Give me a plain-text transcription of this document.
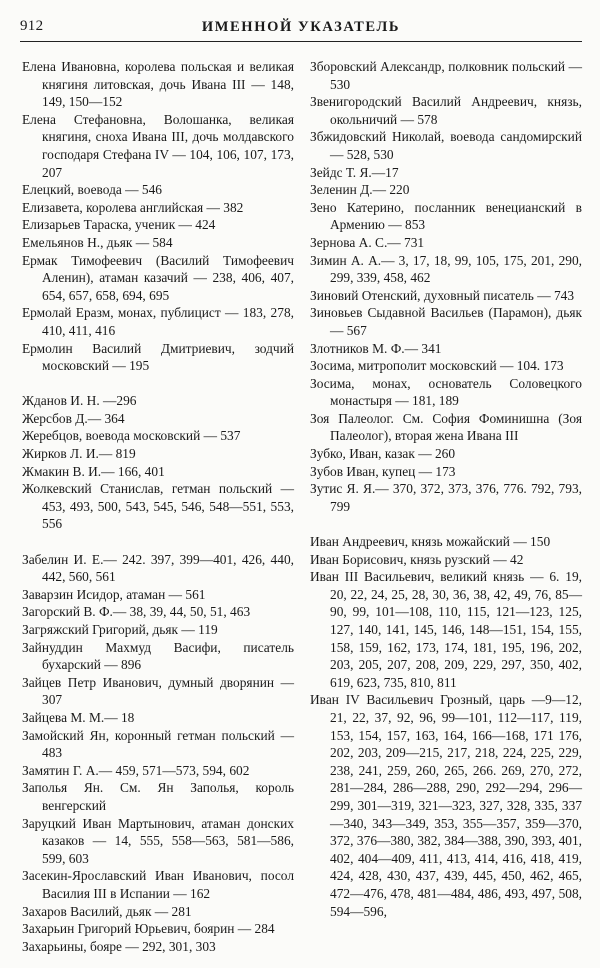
912	ИМЕННОЙ УКАЗАТЕЛЬ

Елена Ивановна, королева польская и великая княгиня литовская, дочь Ивана III — 148, 149, 150—152

Елена Стефановна, Волошанка, великая княгиня, сноха Ивана III, дочь молдавского господаря Стефана IV — 104, 106, 107, 173, 207

Елецкий, воевода — 546

Елизавета, королева английская — 382

Елизарьев Тараска, ученик — 424

Емельянов Н., дьяк — 584

Ермак Тимофеевич (Василий Тимофеевич Аленин), атаман казачий — 238, 406, 407, 654, 657, 658, 694, 695

Ермолай Еразм, монах, публицист — 183, 278, 410, 411, 416

Ермолин Василий Дмитриевич, зодчий московский — 195

Жданов И. Н. —296

Жерсбов Д.— 364

Жеребцов, воевода московский — 537

Жирков Л. И.— 819

Жмакин В. И.— 166, 401

Жолкевский Станислав, гетман польский — 453, 493, 500, 543, 545, 546, 548—551, 553, 556

Забелин И. Е.— 242. 397, 399—401, 426, 440, 442, 560, 561

Заварзин Исидор, атаман — 561

Загорский В. Ф.— 38, 39, 44, 50, 51, 463

Загряжский Григорий, дьяк — 119

Зайнуддин Махмуд Васифи, писатель бухарский — 896

Зайцев Петр Иванович, думный дворянин — 307

Зайцева М. М.— 18

Замойский Ян, коронный гетман польский — 483

Замятин Г. А.— 459, 571—573, 594, 602

Заполья Ян. См. Ян Заполья, король венгерский

Заруцкий Иван Мартынович, атаман донских казаков — 14, 555, 558—563, 581—586, 599, 603

Засекин-Ярославский Иван Иванович, посол Василия III в Испании — 162

Захаров Василий, дьяк — 281

Захарьин Григорий Юрьевич, боярин — 284

Захарьины, бояре — 292, 301, 303

Зборовский Александр, полковник польский — 530

Звенигородский Василий Андреевич, князь, окольничий — 578

Збжидовский Николай, воевода сандомирский — 528, 530

Зейдс Т. Я.—17

Зеленин Д.— 220

Зено Катерино, посланник венецианский в Армению — 853

Зернова А. С.— 731

Зимин А. А.— 3, 17, 18, 99, 105, 175, 201, 290, 299, 339, 458, 462

Зиновий Отенский, духовный писатель — 743

Зиновьев Сыдавной Васильев (Парамон), дьяк — 567

Злотников М. Ф.— 341

Зосима, митрополит московский — 104. 173

Зосима, монах, основатель Соловецкого монастыря — 181, 189

Зоя Палеолог. См. София Фоминишна (Зоя Палеолог), вторая жена Ивана III

Зубко, Иван, казак — 260

Зубов Иван, купец — 173

Зутис Я. Я.— 370, 372, 373, 376, 776. 792, 793, 799

Иван Андреевич, князь можайский — 150

Иван Борисович, князь рузский — 42

Иван III Васильевич, великий князь — 6. 19, 20, 22, 24, 25, 28, 30, 36, 38, 42, 49, 76, 85—90, 99, 101—108, 110, 115, 121—123, 125, 127, 140, 141, 145, 146, 148—151, 154, 155, 158, 159, 162, 173, 174, 181, 195, 196, 202, 203, 205, 207, 208, 209, 229, 297, 350, 402, 619, 623, 735, 810, 811

Иван IV Васильевич Грозный, царь —9—12, 21, 22, 37, 92, 96, 99—101, 112—117, 119, 153, 154, 157, 163, 164, 166—168, 171 176, 202, 203, 209—215, 217, 218, 224, 225, 229, 238, 241, 259, 260, 265, 266. 269, 270, 272, 281—284, 286—288, 290, 292—294, 296—299, 301—319, 321—323, 327, 328, 335, 337—340, 343—349, 353, 355—357, 359—370, 372, 376—380, 382, 384—388, 390, 393, 401, 402, 404—409, 411, 413, 414, 416, 418, 419, 424, 428, 430, 437, 439, 445, 450, 462, 465, 472—476, 478, 481—484, 486, 493, 497, 508, 594—596,
